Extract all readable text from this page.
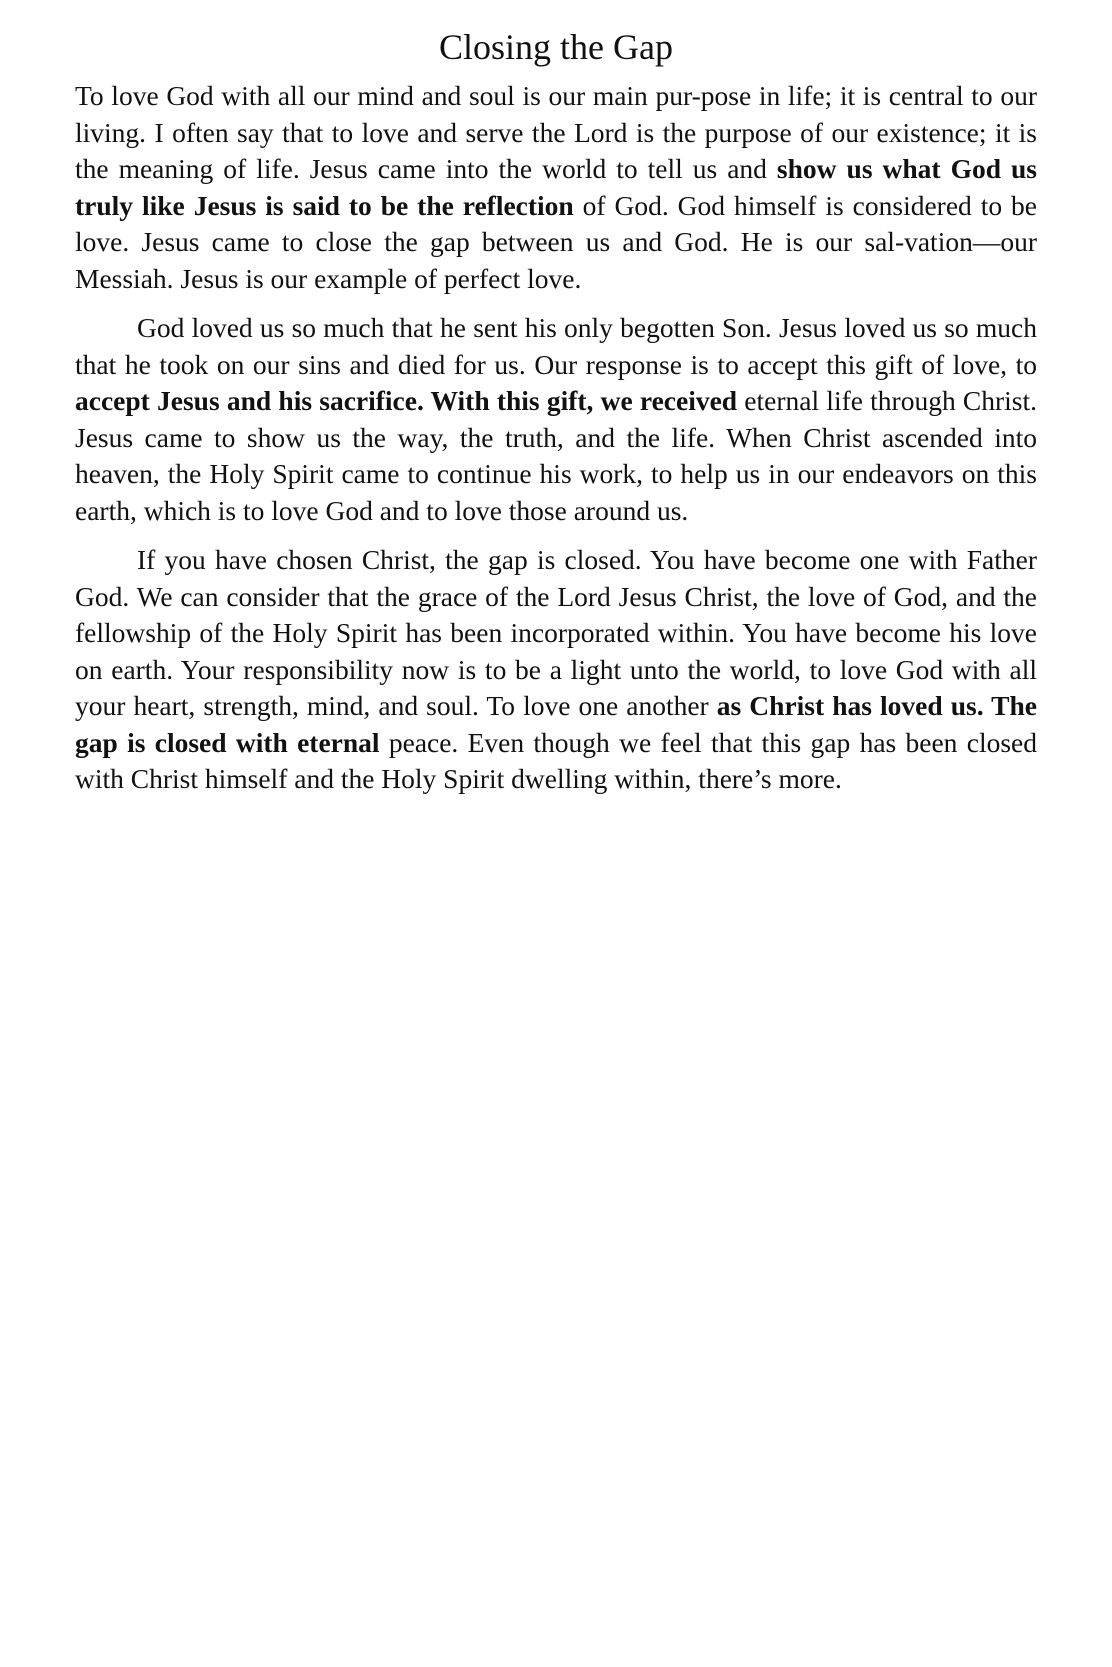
Closing the Gap

To love God with all our mind and soul is our main pur-pose in life; it is central to our living. I often say that to love and serve the Lord is the purpose of our existence; it is the meaning of life. Jesus came into the world to tell us and show us what God us truly like Jesus is said to be the reflection of God. God himself is considered to be love. Jesus came to close the gap between us and God. He is our sal-vation—our Messiah. Jesus is our example of perfect love.

God loved us so much that he sent his only begotten Son. Jesus loved us so much that he took on our sins and died for us. Our response is to accept this gift of love, to accept Jesus and his sacrifice. With this gift, we received eternal life through Christ. Jesus came to show us the way, the truth, and the life. When Christ ascended into heaven, the Holy Spirit came to continue his work, to help us in our endeavors on this earth, which is to love God and to love those around us.

If you have chosen Christ, the gap is closed. You have become one with Father God. We can consider that the grace of the Lord Jesus Christ, the love of God, and the fellowship of the Holy Spirit has been incorporated within. You have become his love on earth. Your responsibility now is to be a light unto the world, to love God with all your heart, strength, mind, and soul. To love one another as Christ has loved us. The gap is closed with eternal peace. Even though we feel that this gap has been closed with Christ himself and the Holy Spirit dwelling within, there’s more.
